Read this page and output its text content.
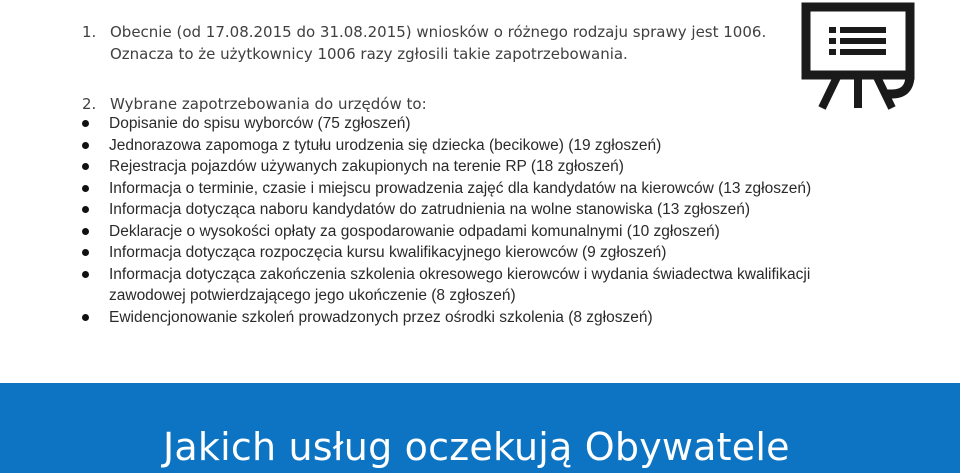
1. Obecnie (od 17.08.2015 do 31.08.2015) wniosków o różnego rodzaju sprawy jest 1006. Oznacza to że użytkownicy 1006 razy zgłosili takie zapotrzebowania.
2. Wybrane zapotrzebowania do urzędów to:
Dopisanie do spisu wyborców (75 zgłoszeń)
Jednorazowa zapomoga z tytułu urodzenia się dziecka (becikowe) (19 zgłoszeń)
Rejestracja pojazdów używanych zakupionych na terenie RP (18 zgłoszeń)
Informacja o terminie, czasie i miejscu prowadzenia zajęć dla kandydatów na kierowców (13 zgłoszeń)
Informacja dotycząca naboru kandydatów do zatrudnienia na wolne stanowiska (13 zgłoszeń)
Deklaracje o wysokości opłaty za gospodarowanie odpadami komunalnymi (10 zgłoszeń)
Informacja dotycząca rozpoczęcia kursu kwalifikacyjnego kierowców (9 zgłoszeń)
Informacja dotycząca zakończenia szkolenia okresowego kierowców i wydania świadectwa kwalifikacji zawodowej potwierdzającego jego ukończenie (8 zgłoszeń)
Ewidencjonowanie szkoleń prowadzonych przez ośrodki szkolenia (8 zgłoszeń)
Jakich usług oczekują Obywatele
